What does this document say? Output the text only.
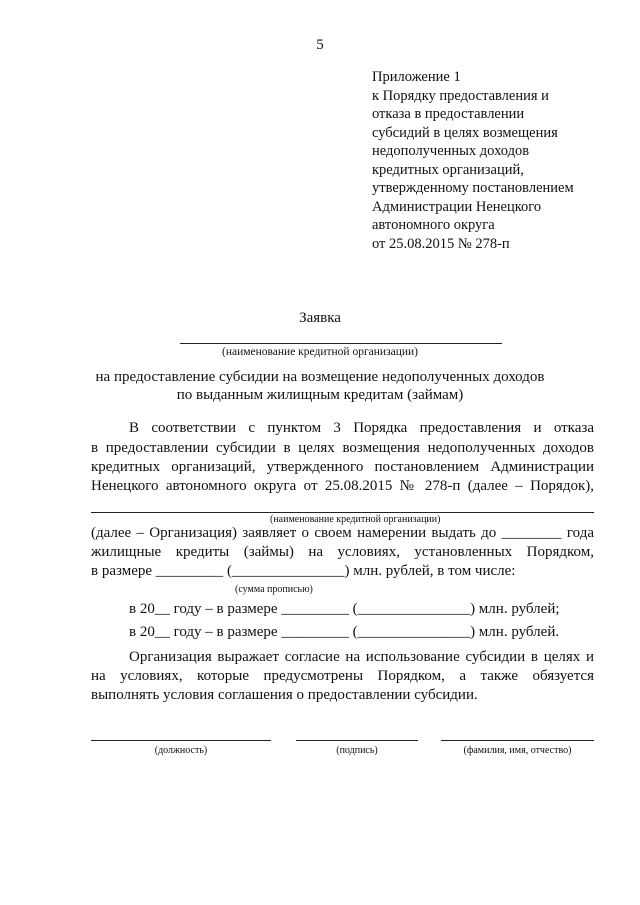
5
Приложение 1
к Порядку предоставления и
отказа в предоставлении
субсидий в целях возмещения
недополученных доходов
кредитных организаций,
утвержденному постановлением
Администрации Ненецкого
автономного округа
от 25.08.2015 № 278-п
Заявка
(наименование кредитной организации)
на предоставление субсидии на возмещение недополученных доходов
по выданным жилищным кредитам (займам)
В соответствии с пунктом 3 Порядка предоставления и отказа
в предоставлении субсидии в целях возмещения недополученных доходов
кредитных организаций, утвержденного постановлением Администрации
Ненецкого автономного округа от 25.08.2015 № 278-п (далее – Порядок),
(наименование кредитной организации)
(далее – Организация) заявляет о своем намерении выдать до ________ года
жилищные кредиты (займы) на условиях, установленных Порядком,
в размере _________ (_______________) млн. рублей, в том числе:
(сумма прописью)
в 20__ году – в размере _________ (_______________) млн. рублей;
в 20__ году – в размере _________ (_______________) млн. рублей.
Организация выражает согласие на использование субсидии в целях и
на условиях, которые предусмотрены Порядком, а также обязуется
выполнять условия соглашения о предоставлении субсидии.
(должность)	(подпись)	(фамилия, имя, отчество)
